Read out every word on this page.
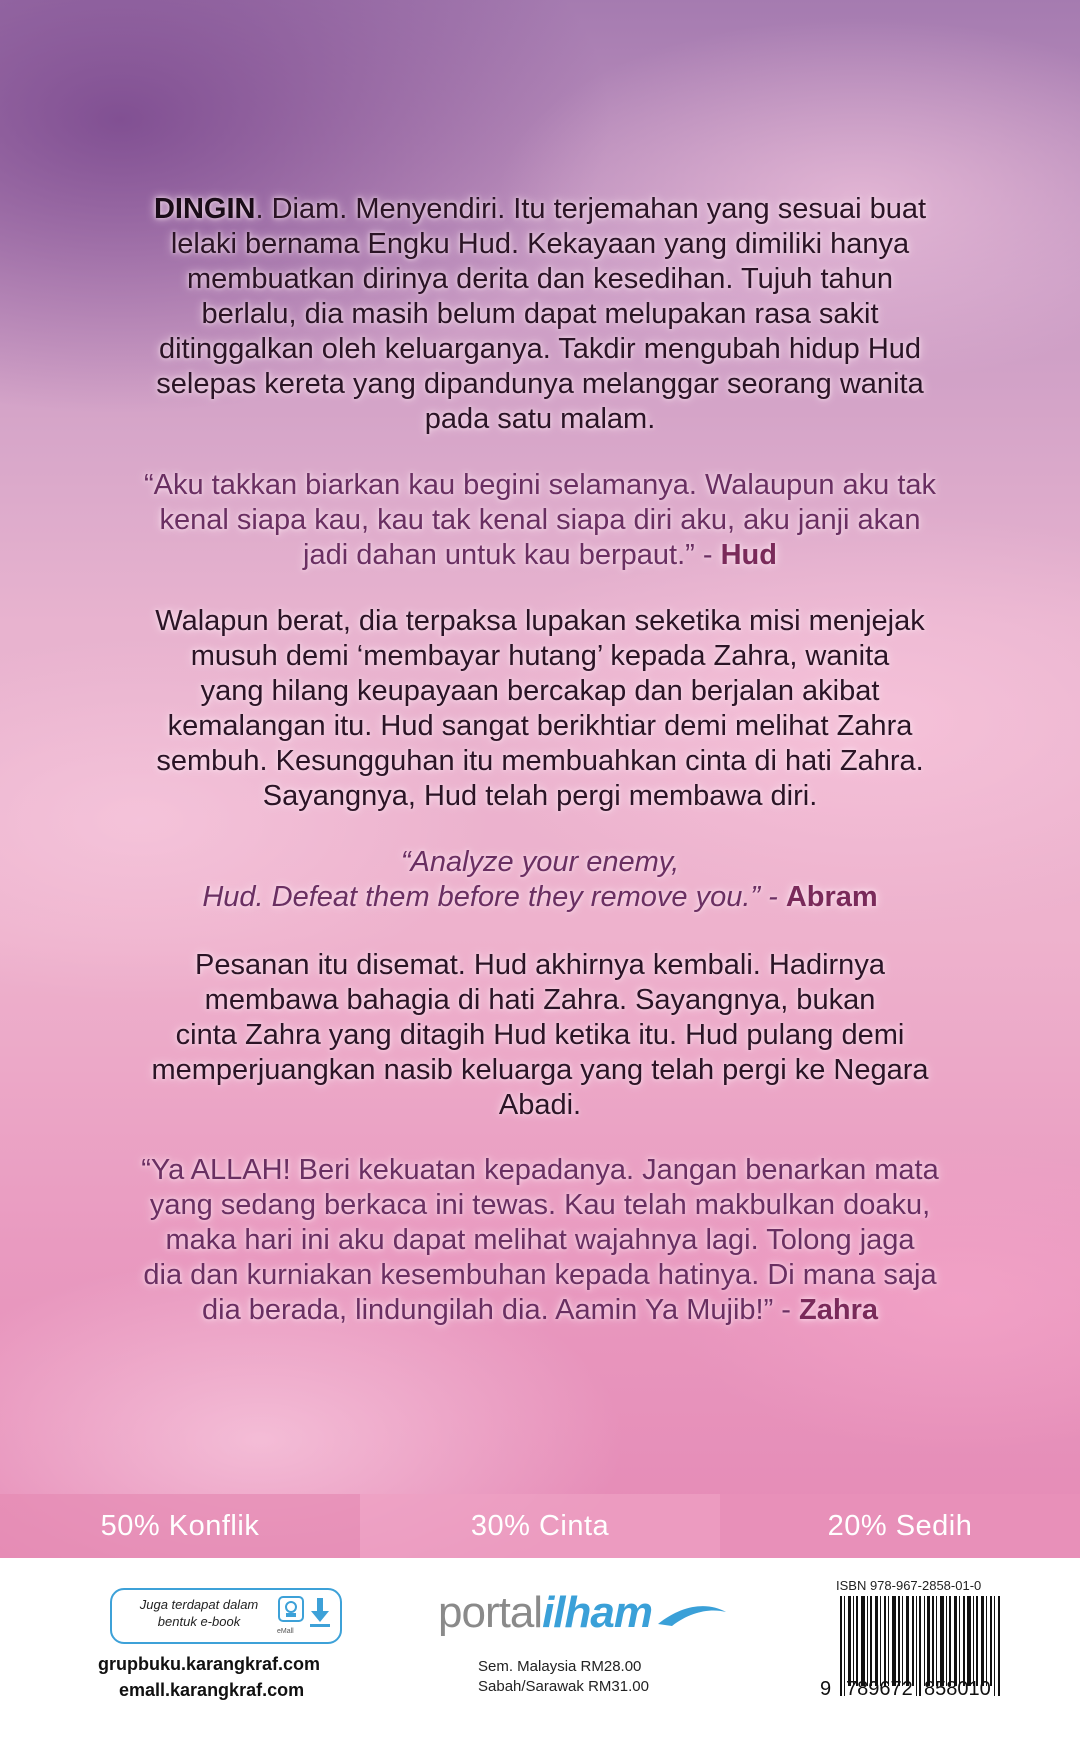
DINGIN. Diam. Menyendiri. Itu terjemahan yang sesuai buat
lelaki bernama Engku Hud. Kekayaan yang dimiliki hanya
membuatkan dirinya derita dan kesedihan. Tujuh tahun
berlalu, dia masih belum dapat melupakan rasa sakit
ditinggalkan oleh keluarganya. Takdir mengubah hidup Hud
selepas kereta yang dipandunya melanggar seorang wanita
pada satu malam.
“Aku takkan biarkan kau begini selamanya. Walaupun aku tak
kenal siapa kau, kau tak kenal siapa diri aku, aku janji akan
jadi dahan untuk kau berpaut.” - Hud
Walapun berat, dia terpaksa lupakan seketika misi menjejak
musuh demi ‘membayar hutang’ kepada Zahra, wanita
yang hilang keupayaan bercakap dan berjalan akibat
kemalangan itu. Hud sangat berikhtiar demi melihat Zahra
sembuh. Kesungguhan itu membuahkan cinta di hati Zahra.
Sayangnya, Hud telah pergi membawa diri.
“Analyze your enemy,
Hud. Defeat them before they remove you.” - Abram
Pesanan itu disemat. Hud akhirnya kembali. Hadirnya
membawa bahagia di hati Zahra. Sayangnya, bukan
cinta Zahra yang ditagih Hud ketika itu. Hud pulang demi
memperjuangkan nasib keluarga yang telah pergi ke Negara
Abadi.
“Ya ALLAH! Beri kekuatan kepadanya. Jangan benarkan mata
yang sedang berkaca ini tewas. Kau telah makbulkan doaku,
maka hari ini aku dapat melihat wajahnya lagi. Tolong jaga
dia dan kurniakan kesembuhan kepada hatinya. Di mana saja
dia berada, lindungilah dia. Aamin Ya Mujib!” - Zahra
50% Konflik	30% Cinta	20% Sedih
Juga terdapat dalam
bentuk e-book
eMall
grupbuku.karangkraf.com
emall.karangkraf.com
portalilham
Sem. Malaysia RM28.00
Sabah/Sarawak RM31.00
ISBN 978-967-2858-01-0
9 789672 858010
